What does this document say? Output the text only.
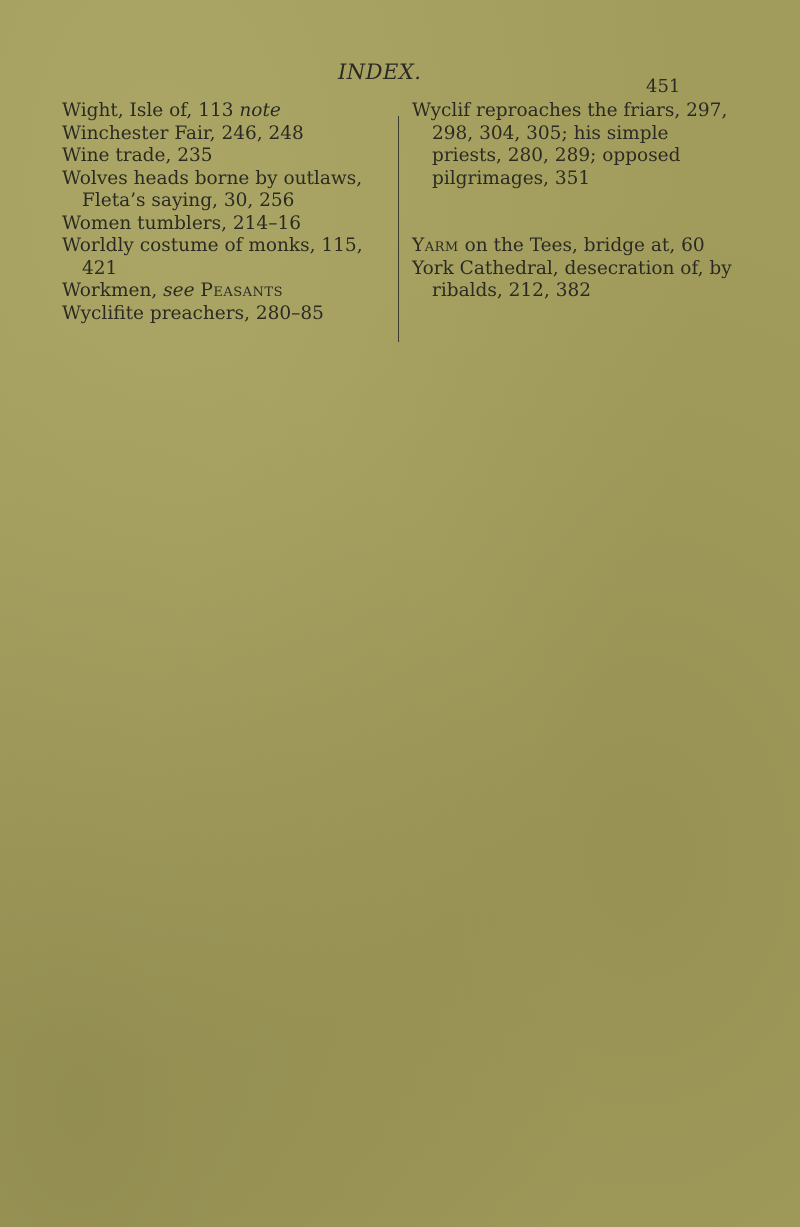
INDEX.
451

Wight, Isle of, 113 note

Winchester Fair, 246, 248

Wine trade, 235

Wolves heads borne by outlaws, Fleta’s saying, 30, 256

Women tumblers, 214–16

Worldly costume of monks, 115, 421

Workmen, see Peasants

Wyclifite preachers, 280–85

Wyclif reproaches the friars, 297, 298, 304, 305; his simple priests, 280, 289; opposed pilgrimages, 351

Yarm on the Tees, bridge at, 60

York Cathedral, desecration of, by ribalds, 212, 382
